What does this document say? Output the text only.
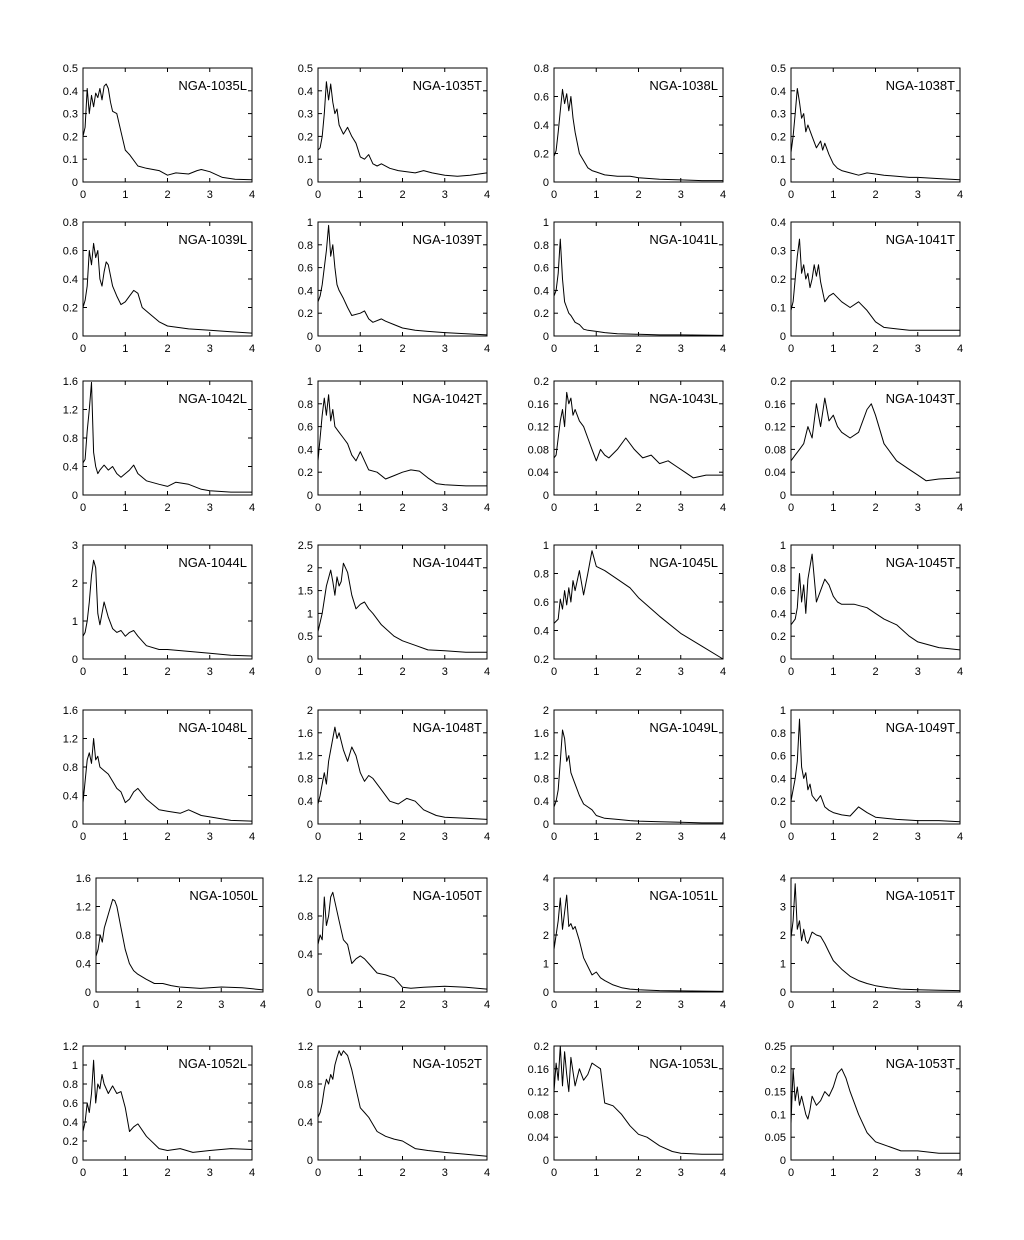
0
0.1
0.2
0.3
0.4
0.5
0	1	2	3	4
NGA-1035L
0
0.1
0.2
0.3
0.4
0.5
0	1	2	3	4
NGA-1035T
0
0.2
0.4
0.6
0.8
0	1	2	3	4
NGA-1038L
0
0.1
0.2
0.3
0.4
0.5
0	1	2	3	4
NGA-1038T
0
0.2
0.4
0.6
0.8
0	1	2	3	4
NGA-1039L
0
0.2
0.4
0.6
0.8
1
0	1	2	3	4
NGA-1039T
0
0.2
0.4
0.6
0.8
1
0	1	2	3	4
NGA-1041L
0
0.1
0.2
0.3
0.4
0	1	2	3	4
NGA-1041T
0
0.4
0.8
1.2
1.6
0	1	2	3	4
NGA-1042L
0
0.2
0.4
0.6
0.8
1
0	1	2	3	4
NGA-1042T
0
0.04
0.08
0.12
0.16
0.2
0	1	2	3	4
NGA-1043L
0
0.04
0.08
0.12
0.16
0.2
0	1	2	3	4
NGA-1043T
0
1
2
3
0	1	2	3	4
NGA-1044L
0
0.5
1
1.5
2
2.5
0	1	2	3	4
NGA-1044T
0.2
0.4
0.6
0.8
1
0	1	2	3	4
NGA-1045L
0
0.2
0.4
0.6
0.8
1
0	1	2	3	4
NGA-1045T
0
0.4
0.8
1.2
1.6
0	1	2	3	4
NGA-1048L
0
0.4
0.8
1.2
1.6
2
0	1	2	3	4
NGA-1048T
0
0.4
0.8
1.2
1.6
2
0	1	2	3	4
NGA-1049L
0
0.2
0.4
0.6
0.8
1
0	1	2	3	4
NGA-1049T
0
0.4
0.8
1.2
1.6
0	1	2	3	4
NGA-1050L
0
0.4
0.8
1.2
0	1	2	3	4
NGA-1050T
0
1
2
3
4
0	1	2	3	4
NGA-1051L
0
1
2
3
4
0	1	2	3	4
NGA-1051T
0
0.2
0.4
0.6
0.8
1
1.2
0	1	2	3	4
NGA-1052L
0
0.4
0.8
1.2
0	1	2	3	4
NGA-1052T
0
0.04
0.08
0.12
0.16
0.2
0	1	2	3	4
NGA-1053L
0
0.05
0.1
0.15
0.2
0.25
0	1	2	3	4
NGA-1053T
